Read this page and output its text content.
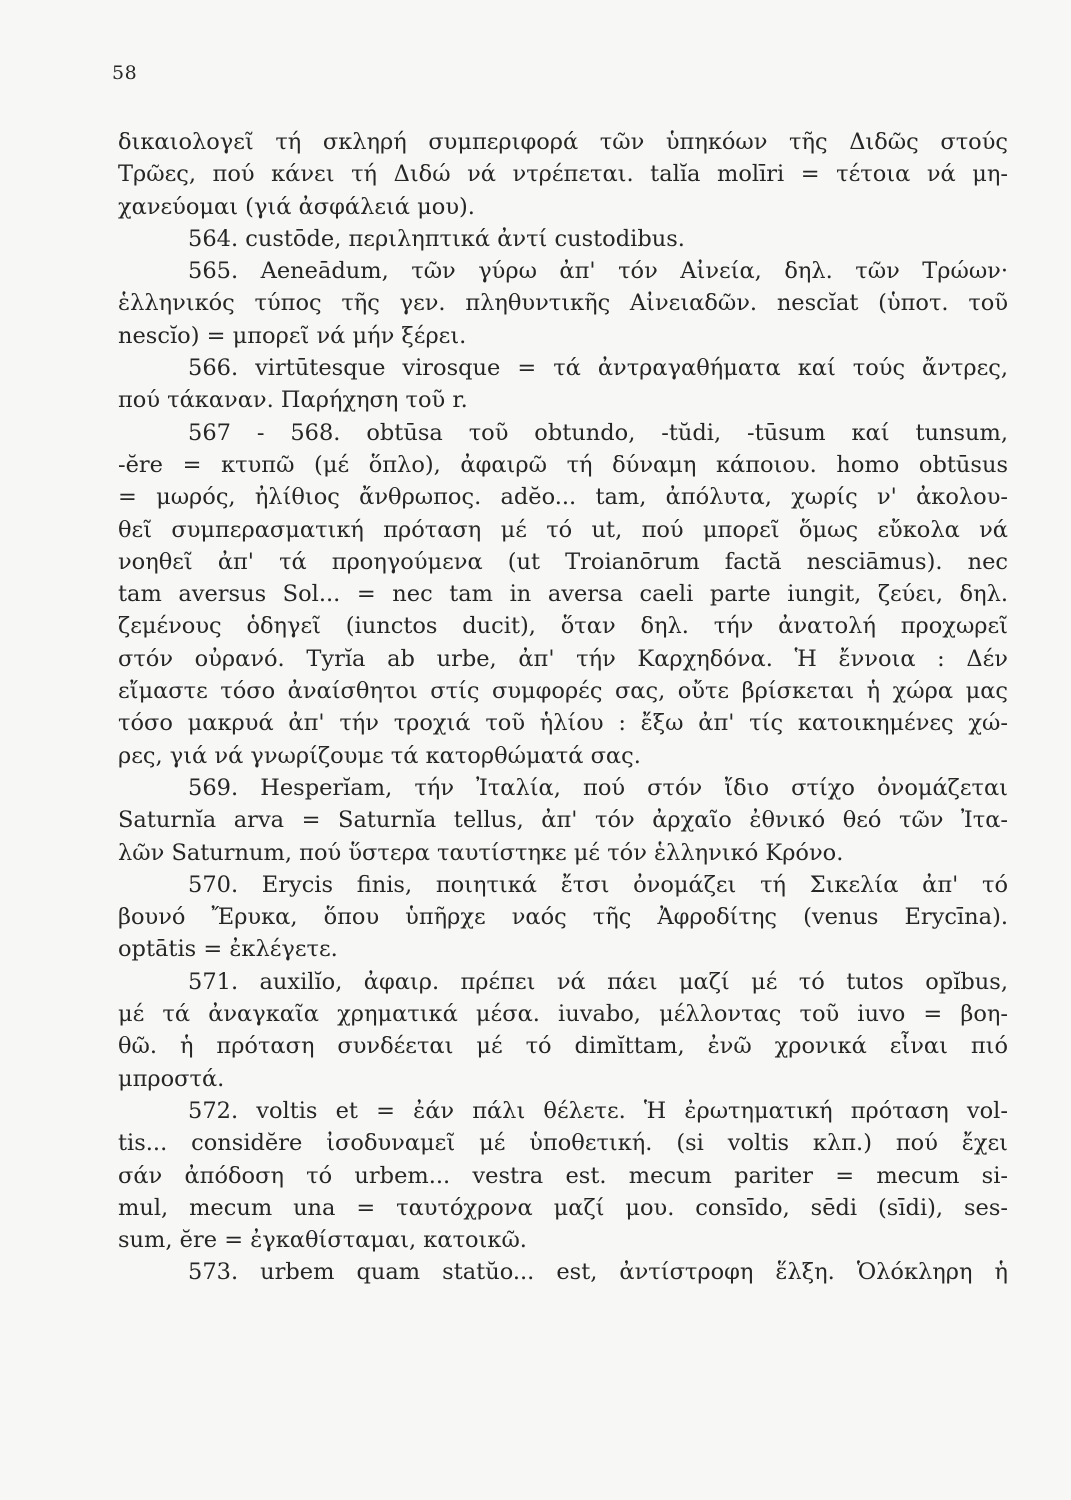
58
δικαιολογεῖ τή σκληρή συμπεριφορά τῶν ὑπηκόων τῆς Διδῶς στούς
Τρῶες, πού κάνει τή Διδώ νά ντρέπεται. talĭa molīri = τέτοια νά μη-
χανεύομαι (γιά ἀσφάλειά μου).
564. custōde, περιληπτικά ἀντί custodibus.
565. Aeneādum, τῶν γύρω ἀπ' τόν Αἰνεία, δηλ. τῶν Τρώων·
ἑλληνικός τύπος τῆς γεν. πληθυντικῆς Αἰνειαδῶν. nescĭat (ὑποτ. τοῦ
nescĭo) = μπορεῖ νά μήν ξέρει.
566. virtūtesque virosque = τά ἀντραγαθήματα καί τούς ἄντρες,
πού τάκαναν. Παρήχηση τοῦ r.
567 - 568. obtūsa τοῦ obtundo, -tŭdi, -tūsum καί tunsum,
-ĕre = κτυπῶ (μέ ὅπλο), ἀφαιρῶ τή δύναμη κάποιου. homo obtūsus
= μωρός, ἠλίθιος ἄνθρωπος. adĕo... tam, ἀπόλυτα, χωρίς ν' ἀκολου-
θεῖ συμπερασματική πρόταση μέ τό ut, πού μπορεῖ ὅμως εὔκολα νά
νοηθεῖ ἀπ' τά προηγούμενα (ut Troianōrum factă nesciāmus). nec
tam aversus Sol... = nec tam in aversa caeli parte iungit, ζεύει, δηλ.
ζεμένους ὁδηγεῖ (iunctos ducit), ὅταν δηλ. τήν ἀνατολή προχωρεῖ
στόν οὐρανό. Tyrĭa ab urbe, ἀπ' τήν Καρχηδόνα. Ἡ ἔννοια : Δέν
εἴμαστε τόσο ἀναίσθητοι στίς συμφορές σας, οὔτε βρίσκεται ἡ χώρα μας
τόσο μακρυά ἀπ' τήν τροχιά τοῦ ἡλίου : ἔξω ἀπ' τίς κατοικημένες χώ-
ρες, γιά νά γνωρίζουμε τά κατορθώματά σας.
569. Hesperĭam, τήν Ἰταλία, πού στόν ἴδιο στίχο ὀνομάζεται
Saturnĭa arva = Saturnĭa tellus, ἀπ' τόν ἀρχαῖο ἐθνικό θεό τῶν Ἰτα-
λῶν Saturnum, πού ὕστερα ταυτίστηκε μέ τόν ἑλληνικό Κρόνο.
570. Erycis finis, ποιητικά ἔτσι ὀνομάζει τή Σικελία ἀπ' τό
βουνό Ἔρυκα, ὅπου ὑπῆρχε ναός τῆς Ἀφροδίτης (venus Erycīna).
optātis = ἐκλέγετε.
571. auxilĭo, ἀφαιρ. πρέπει νά πάει μαζί μέ τό tutos opĭbus,
μέ τά ἀναγκαῖα χρηματικά μέσα. iuvabo, μέλλοντας τοῦ iuvo = βοη-
θῶ. ἡ πρόταση συνδέεται μέ τό dimĭttam, ἐνῶ χρονικά εἶναι πιό
μπροστά.
572. voltis et = ἐάν πάλι θέλετε. Ἡ ἐρωτηματική πρόταση vol-
tis... considĕre ἰσοδυναμεῖ μέ ὑποθετική. (si voltis κλπ.) πού ἔχει
σάν ἀπόδοση τό urbem... vestra est. mecum pariter = mecum si-
mul, mecum una = ταυτόχρονα μαζί μου. consīdo, sēdi (sīdi), ses-
sum, ĕre = ἐγκαθίσταμαι, κατοικῶ.
573. urbem quam statŭo... est, ἀντίστροφη ἕλξη. Ὁλόκληρη ἡ
